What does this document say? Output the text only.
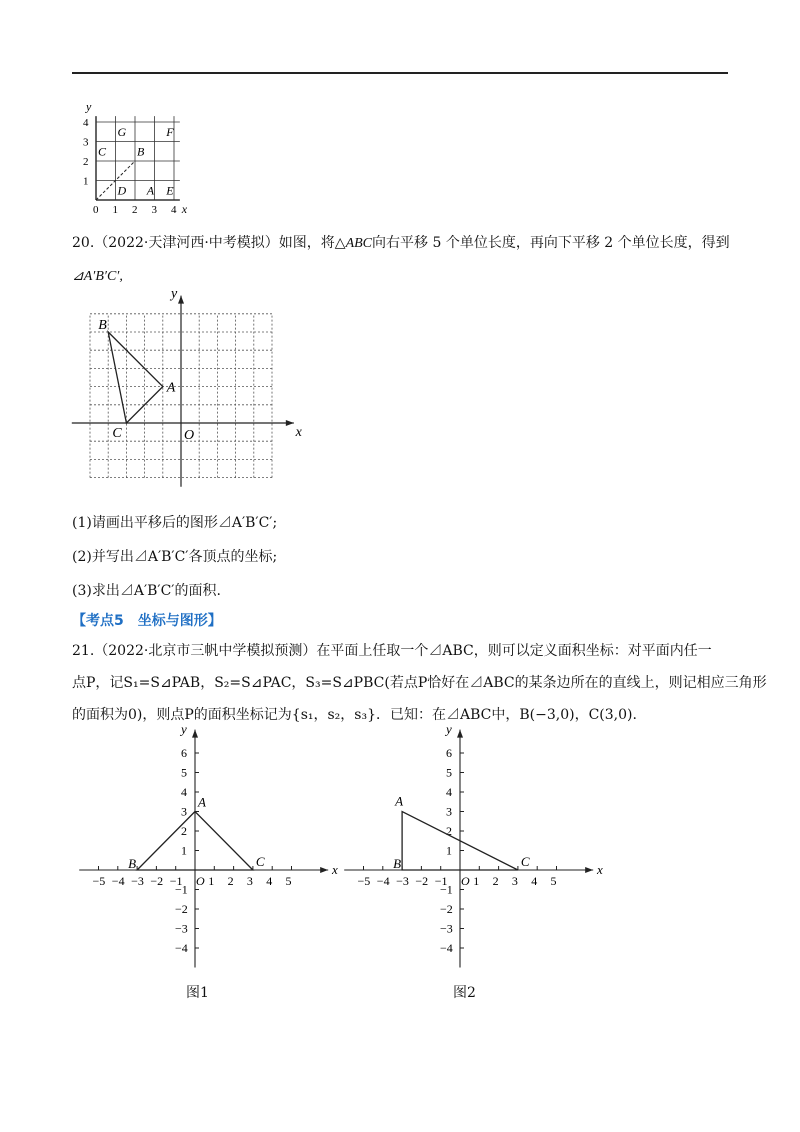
0 1 2 3 4
1
2
3
4
x
y
G	F
C	B
D A E
20.（2022·天津河西·中考模拟）如图，将△ABC向右平移 5 个单位长度，再向下平移 2 个单位长度，得到
⊿A′B′C′,
x
y
O
B
A
C
(1)请画出平移后的图形⊿A′B′C′;
(2)并写出⊿A′B′C′各顶点的坐标;
(3)求出⊿A′B′C′的面积.
【考点5　坐标与图形】
21.（2022·北京市三帆中学模拟预测）在平面上任取一个⊿ABC，则可以定义面积坐标：对平面内任一
点P，记S₁=S⊿PAB，S₂=S⊿PAC，S₃=S⊿PBC(若点P恰好在⊿ABC的某条边所在的直线上，则记相应三角形
的面积为0)，则点P的面积坐标记为{s₁，s₂，s₃}．已知：在⊿ABC中，B(−3,0)，C(3,0).
−5 −4 −3 −2 −1 1 2 3 4 5
6
5
4
3
2
1
−1
−2
−3
−4
x
y
O
A
B	C
−5 −4 −3 −2 −1 1 2 3 4 5
6
5
4
3
2
1
−1
−2
−3
−4
x
y
O
A
B	C
图1	图2
